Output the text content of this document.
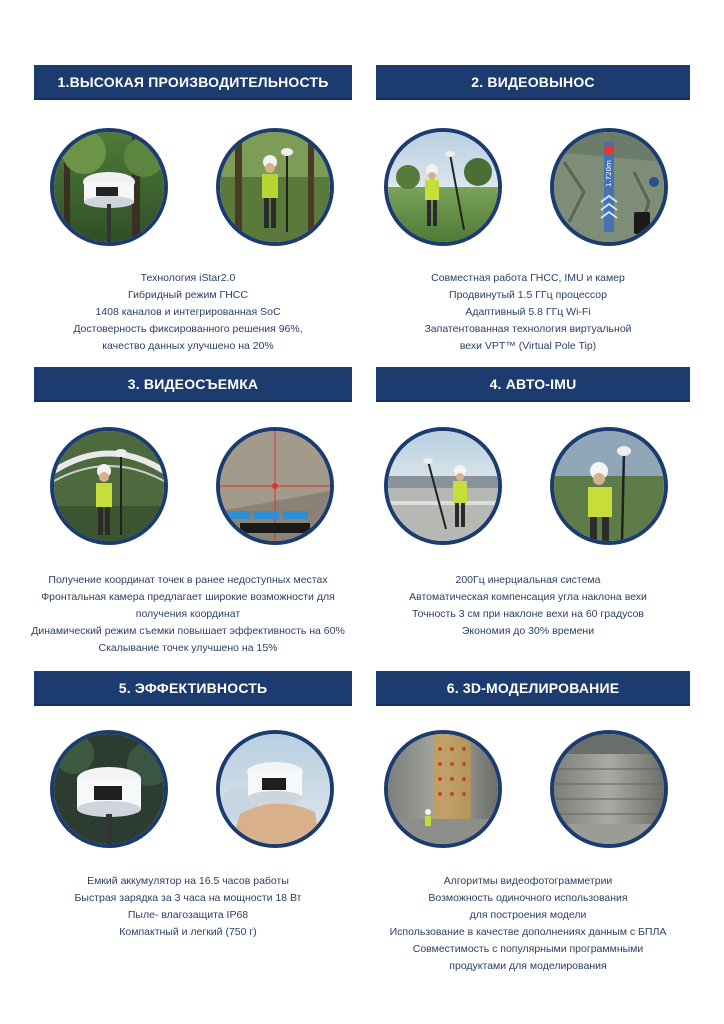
1.ВЫСОКАЯ ПРОИЗВОДИТЕЛЬНОСТЬ
Технология iStar2.0
Гибридный режим ГНСС
1408 каналов и интегрированная SoC
Достоверность фиксированного решения 96%,
качество данных улучшено на 20%
2. ВИДЕОВЫНОС
1.720m
Совместная работа ГНСС, IMU и камер
Продвинутый 1.5 ГГц процессор
Адаптивный 5.8 ГГц Wi-Fi
Запатентованная технология виртуальной
вехи VPT™ (Virtual Pole Tip)
3. ВИДЕОСЪЕМКА
Получение координат точек в ранее недоступных местах
Фронтальная камера предлагает широкие возможности для
получения координат
Динамический режим съемки повышает эффективность на 60%
Скалывание точек улучшено на 15%
4. АВТО-IMU
200Гц инерциальная система
Автоматическая компенсация угла наклона вехи
Точность 3 см при наклоне вехи на 60 градусов
Экономия до 30% времени
5. ЭФФЕКТИВНОСТЬ
Емкий аккумулятор на 16.5 часов работы
Быстрая зарядка за 3 часа на мощности 18 Вт
Пыле- влагозащита IP68
Компактный и легкий (750 г)
6. 3D-МОДЕЛИРОВАНИЕ
Алгоритмы видеофотограмметрии
Возможность одиночного использования
для построения модели
Использование в качестве дополнениях данным с БПЛА
Совместимость с популярными программными
продуктами для моделирования
